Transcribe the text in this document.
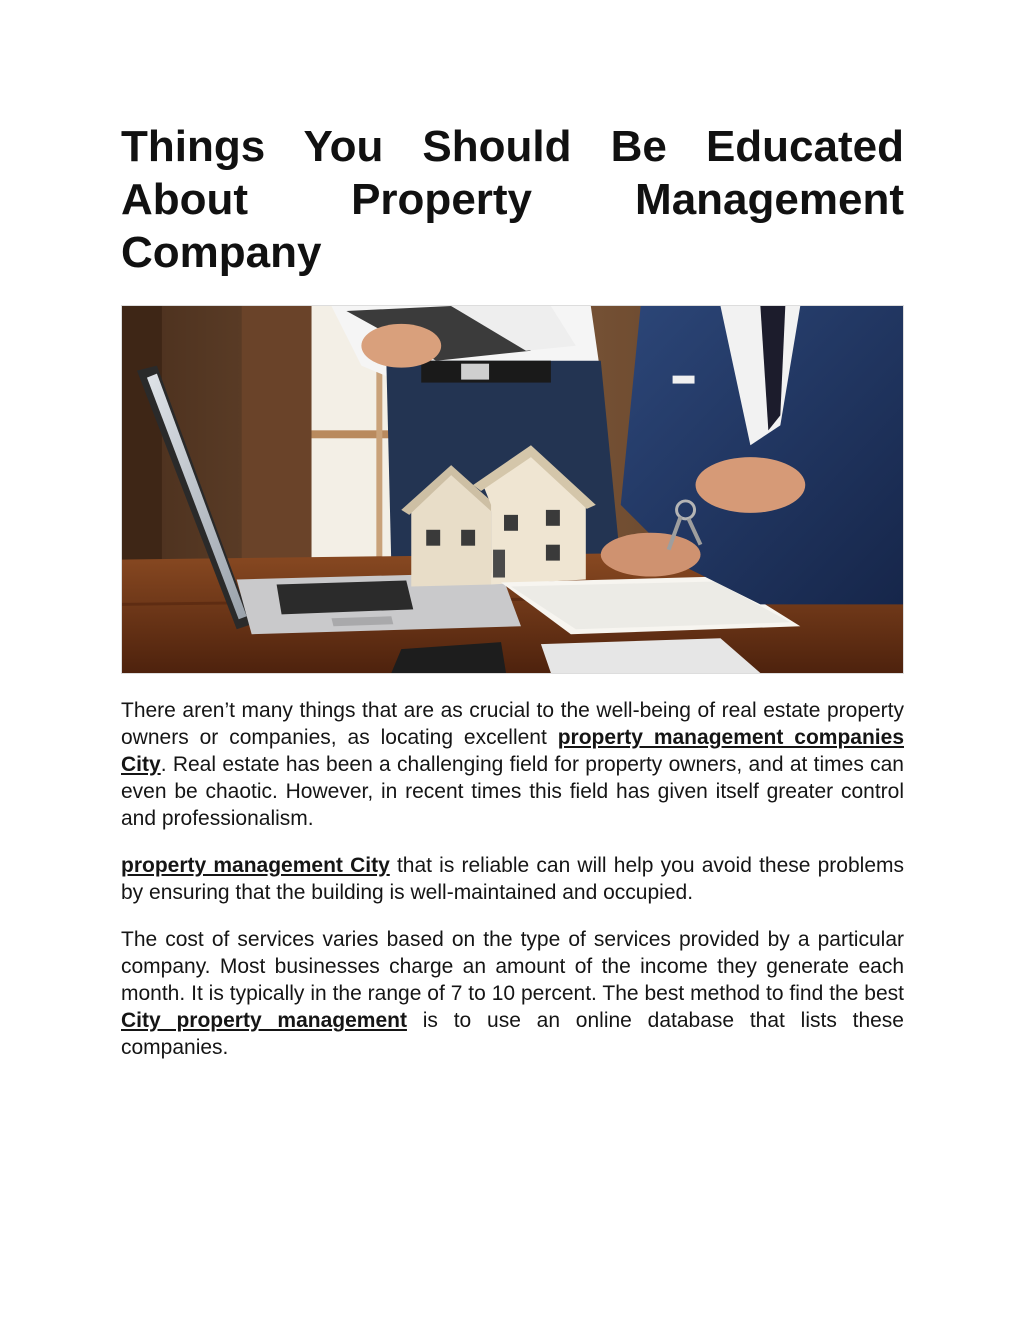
Things You Should Be Educated About Property Management Company

There aren’t many things that are as crucial to the well-being of real estate property owners or companies, as locating excellent property management companies City. Real estate has been a challenging field for property owners, and at times can even be chaotic. However, in recent times this field has given itself greater control and professionalism.

property management City that is reliable can will help you avoid these problems by ensuring that the building is well-maintained and occupied.

The cost of services varies based on the type of services provided by a particular company. Most businesses charge an amount of the income they generate each month. It is typically in the range of 7 to 10 percent. The best method to find the best City property management is to use an online database that lists these companies.
